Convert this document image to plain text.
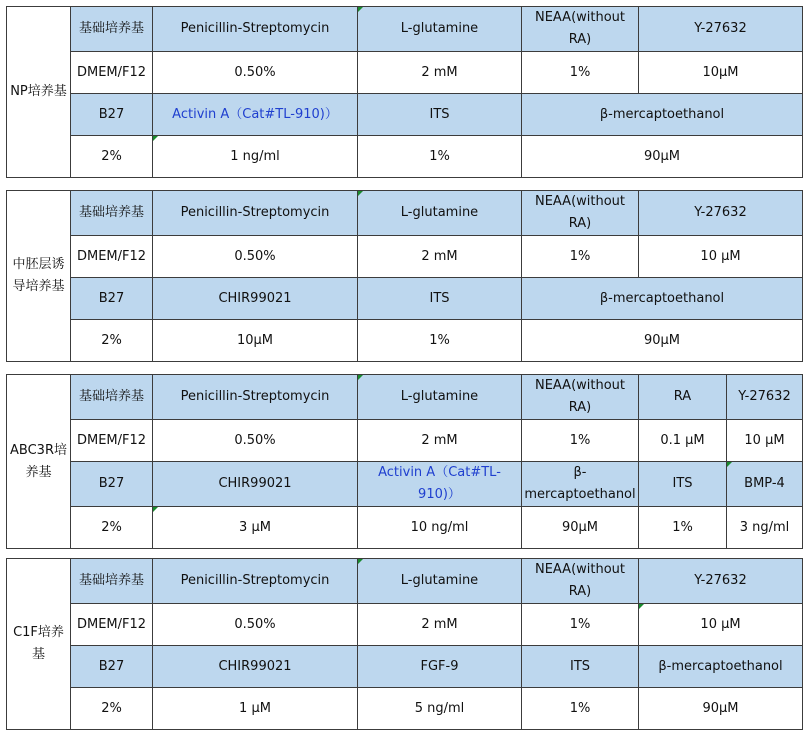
NP培养基	基础培养基	Penicillin-Streptomycin	L-glutamine	NEAA(without RA)	Y-27632
	DMEM/F12	0.50%	2 mM	1%	10μM
	B27	Activin A（Cat#TL-910)）	ITS	β-mercaptoethanol	
	2%	1 ng/ml	1%	90μM	
中胚层诱导培养基	基础培养基	Penicillin-Streptomycin	L-glutamine	NEAA(without RA)	Y-27632
	DMEM/F12	0.50%	2 mM	1%	10 μM
	B27	CHIR99021	ITS	β-mercaptoethanol	
	2%	10μM	1%	90μM	
ABC3R培养基	基础培养基	Penicillin-Streptomycin	L-glutamine	NEAA(without RA)	RA	Y-27632
	DMEM/F12	0.50%	2 mM	1%	0.1 μM	10 μM
	B27	CHIR99021	Activin A（Cat#TL-910)）	β-mercaptoethanol	ITS	BMP-4
	2%	3 μM	10 ng/ml	90μM	1%	3 ng/ml
C1F培养基	基础培养基	Penicillin-Streptomycin	L-glutamine	NEAA(without RA)	Y-27632
	DMEM/F12	0.50%	2 mM	1%	10 μM
	B27	CHIR99021	FGF-9	ITS	β-mercaptoethanol
	2%	1 μM	5 ng/ml	1%	90μM
